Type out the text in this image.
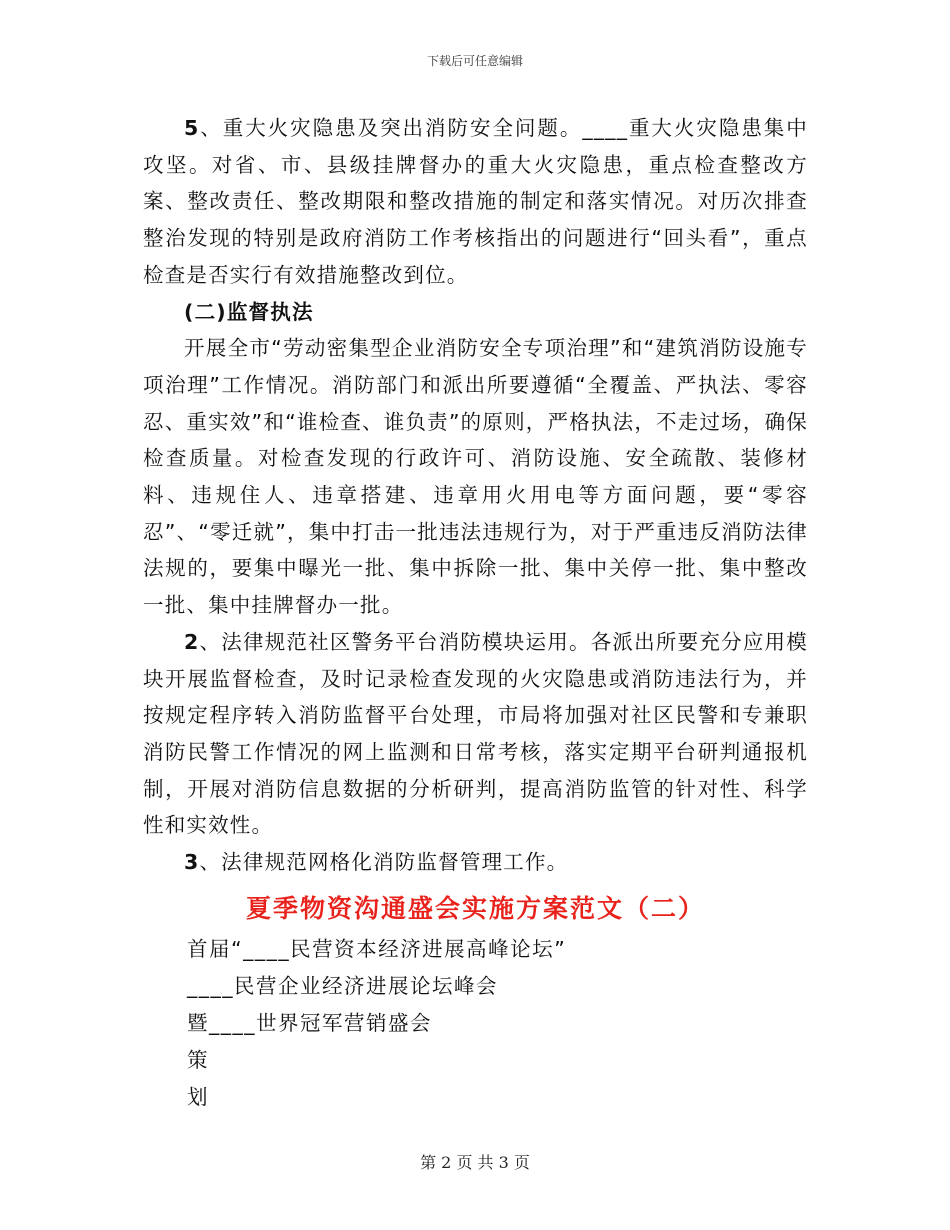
下载后可任意编辑

5、重大火灾隐患及突出消防安全问题。____重大火灾隐患集中攻坚。对省、市、县级挂牌督办的重大火灾隐患，重点检查整改方案、整改责任、整改期限和整改措施的制定和落实情况。对历次排查整治发现的特别是政府消防工作考核指出的问题进行“回头看”，重点检查是否实行有效措施整改到位。

(二)监督执法

开展全市“劳动密集型企业消防安全专项治理”和“建筑消防设施专项治理”工作情况。消防部门和派出所要遵循“全覆盖、严执法、零容忍、重实效”和“谁检查、谁负责”的原则，严格执法，不走过场，确保检查质量。对检查发现的行政许可、消防设施、安全疏散、装修材料、违规住人、违章搭建、违章用火用电等方面问题，要“零容忍”、“零迁就”，集中打击一批违法违规行为，对于严重违反消防法律法规的，要集中曝光一批、集中拆除一批、集中关停一批、集中整改一批、集中挂牌督办一批。

2、法律规范社区警务平台消防模块运用。各派出所要充分应用模块开展监督检查，及时记录检查发现的火灾隐患或消防违法行为，并按规定程序转入消防监督平台处理，市局将加强对社区民警和专兼职消防民警工作情况的网上监测和日常考核，落实定期平台研判通报机制，开展对消防信息数据的分析研判，提高消防监管的针对性、科学性和实效性。

3、法律规范网格化消防监督管理工作。

夏季物资沟通盛会实施方案范文（二）

首届“____民营资本经济进展高峰论坛”

____民营企业经济进展论坛峰会

暨____世界冠军营销盛会

策

划

第 2 页 共 3 页
